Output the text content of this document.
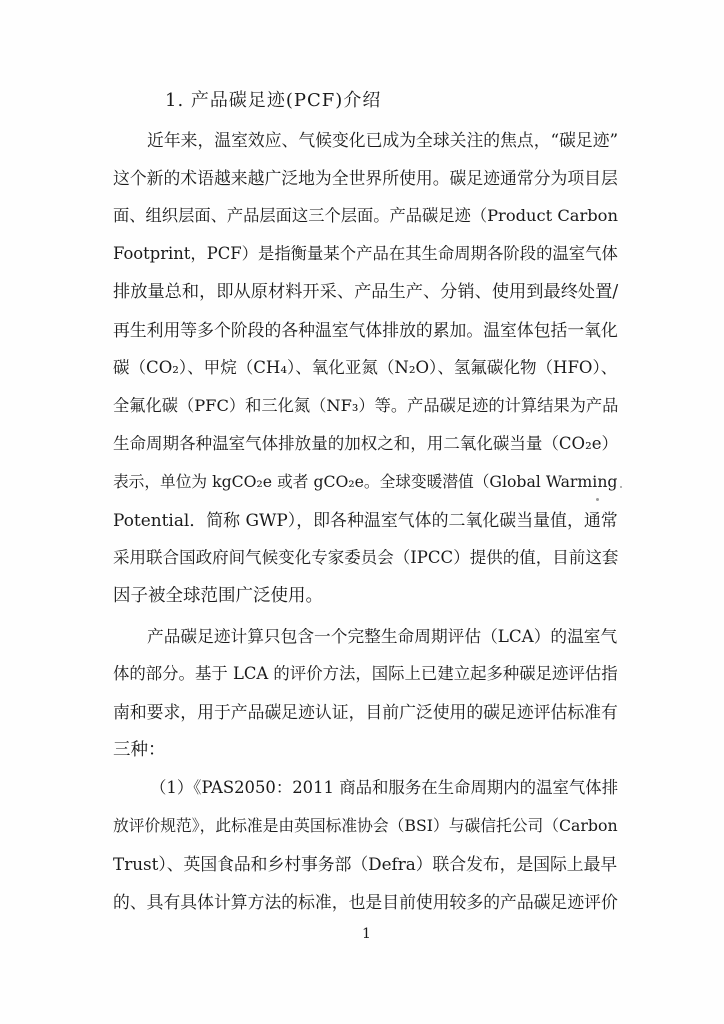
1. 产品碳足迹(PCF)介绍
近年来，温室效应、气候变化已成为全球关注的焦点，“碳足迹”
这个新的术语越来越广泛地为全世界所使用。碳足迹通常分为项目层
面、组织层面、产品层面这三个层面。产品碳足迹（Product Carbon
Footprint，PCF）是指衡量某个产品在其生命周期各阶段的温室气体
排放量总和，即从原材料开采、产品生产、分销、使用到最终处置/
再生利用等多个阶段的各种温室气体排放的累加。温室体包括一氧化
碳（CO₂）、甲烷（CH₄）、氧化亚氮（N₂O）、氢氟碳化物（HFO）、
全氟化碳（PFC）和三化氮（NF₃）等。产品碳足迹的计算结果为产品
生命周期各种温室气体排放量的加权之和，用二氧化碳当量（CO₂e）
表示，单位为 kgCO₂e 或者 gCO₂e。全球变暖潜值（Global Warming
Potential．简称 GWP），即各种温室气体的二氧化碳当量值，通常
采用联合国政府间气候变化专家委员会（IPCC）提供的值，目前这套
因子被全球范围广泛使用。
产品碳足迹计算只包含一个完整生命周期评估（LCA）的温室气
体的部分。基于 LCA 的评价方法，国际上已建立起多种碳足迹评估指
南和要求，用于产品碳足迹认证，目前广泛使用的碳足迹评估标准有
三种：
（1）《PAS2050：2011 商品和服务在生命周期内的温室气体排
放评价规范》，此标准是由英国标准协会（BSI）与碳信托公司（Carbon
Trust）、英国食品和乡村事务部（Defra）联合发布，是国际上最早
的、具有具体计算方法的标准，也是目前使用较多的产品碳足迹评价
1
